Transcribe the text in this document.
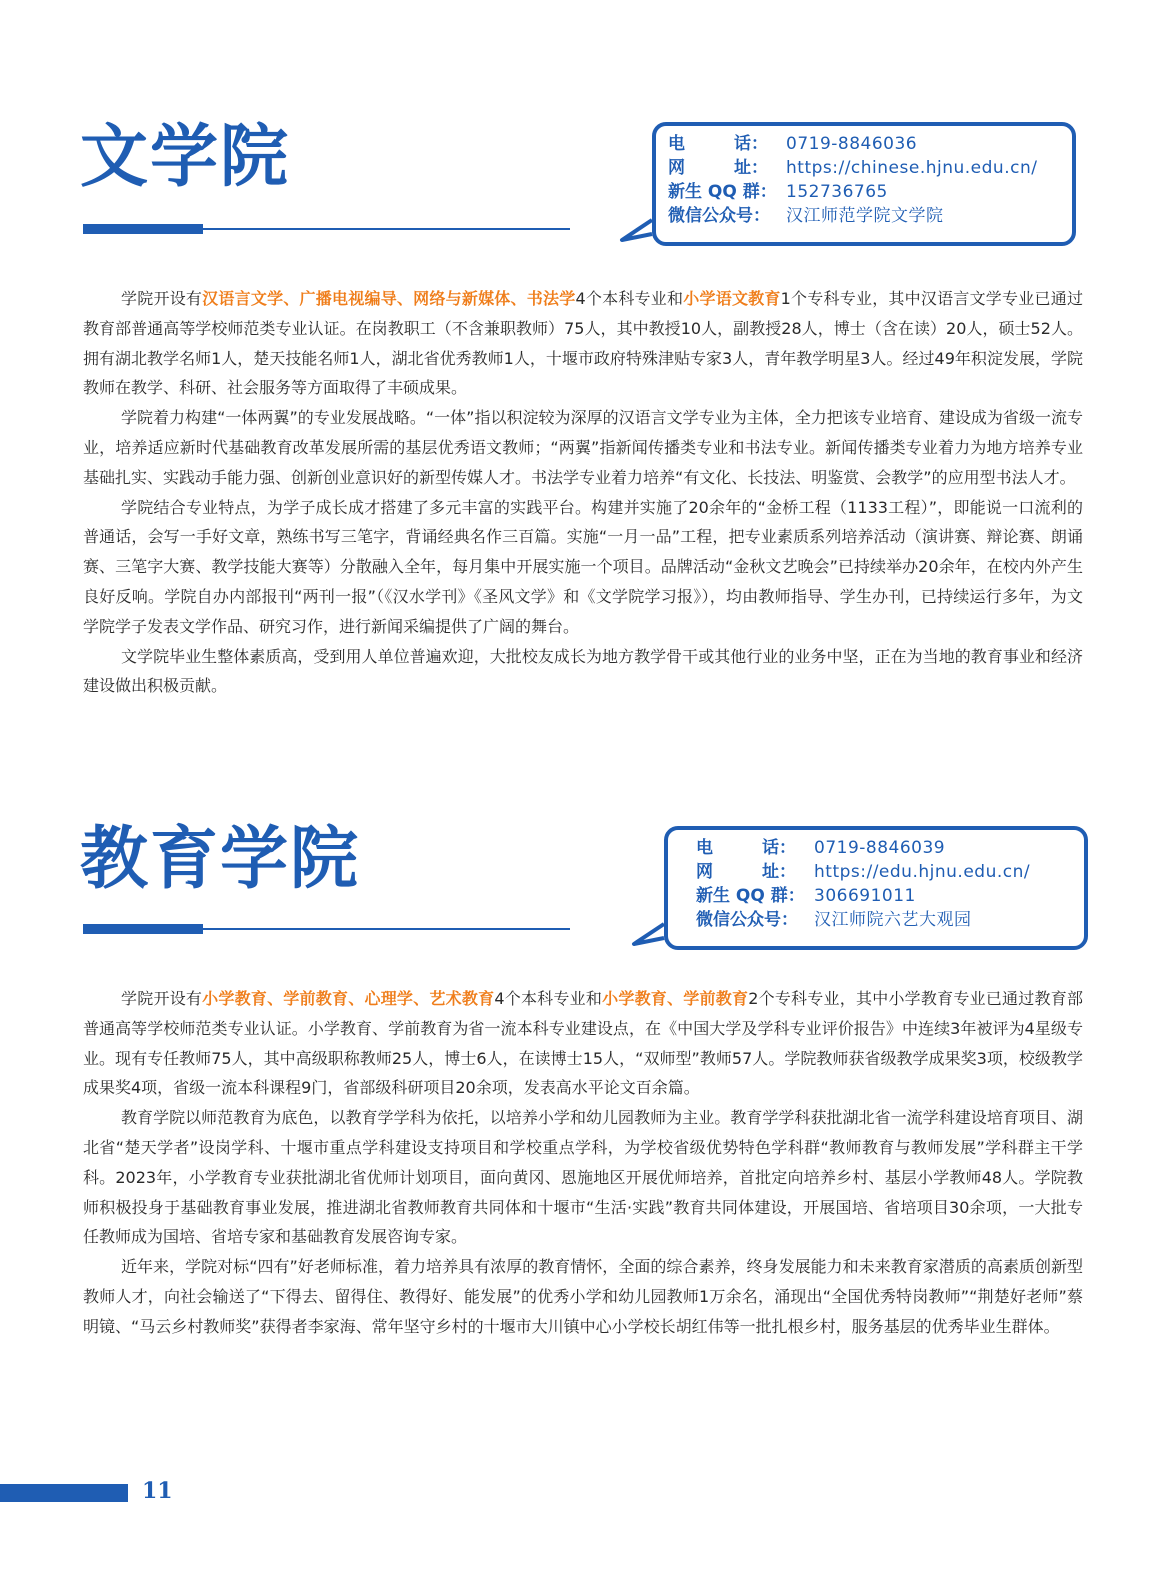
文学院	电	话： 0719-8846036
网	址： https://chinese.hjnu.edu.cn/
新生 QQ 群： 152736765
微信公众号： 汉江师范学院文学院

学院开设有汉语言文学、广播电视编导、网络与新媒体、书法学4个本科专业和小学语文教育1个专科专业，其中汉语言文学专业已通过教育部普通高等学校师范类专业认证。在岗教职工（不含兼职教师）75人，其中教授10人，副教授28人，博士（含在读）20人，硕士52人。拥有湖北教学名师1人，楚天技能名师1人，湖北省优秀教师1人，十堰市政府特殊津贴专家3人，青年教学明星3人。经过49年积淀发展，学院教师在教学、科研、社会服务等方面取得了丰硕成果。

学院着力构建“一体两翼”的专业发展战略。“一体”指以积淀较为深厚的汉语言文学专业为主体，全力把该专业培育、建设成为省级一流专业，培养适应新时代基础教育改革发展所需的基层优秀语文教师；“两翼”指新闻传播类专业和书法专业。新闻传播类专业着力为地方培养专业基础扎实、实践动手能力强、创新创业意识好的新型传媒人才。书法学专业着力培养“有文化、长技法、明鉴赏、会教学”的应用型书法人才。

学院结合专业特点，为学子成长成才搭建了多元丰富的实践平台。构建并实施了20余年的“金桥工程（1133工程）”，即能说一口流利的普通话，会写一手好文章，熟练书写三笔字，背诵经典名作三百篇。实施“一月一品”工程，把专业素质系列培养活动（演讲赛、辩论赛、朗诵赛、三笔字大赛、教学技能大赛等）分散融入全年，每月集中开展实施一个项目。品牌活动“金秋文艺晚会”已持续举办20余年，在校内外产生良好反响。学院自办内部报刊“两刊一报”（《汉水学刊》《圣风文学》和《文学院学习报》），均由教师指导、学生办刊，已持续运行多年，为文学院学子发表文学作品、研究习作，进行新闻采编提供了广阔的舞台。

文学院毕业生整体素质高，受到用人单位普遍欢迎，大批校友成长为地方教学骨干或其他行业的业务中坚，正在为当地的教育事业和经济建设做出积极贡献。

教育学院	电	话： 0719-8846039
网	址： https://edu.hjnu.edu.cn/
新生 QQ 群： 306691011
微信公众号： 汉江师院六艺大观园

学院开设有小学教育、学前教育、心理学、艺术教育4个本科专业和小学教育、学前教育2个专科专业，其中小学教育专业已通过教育部普通高等学校师范类专业认证。小学教育、学前教育为省一流本科专业建设点，在《中国大学及学科专业评价报告》中连续3年被评为4星级专业。现有专任教师75人，其中高级职称教师25人，博士6人，在读博士15人，“双师型”教师57人。学院教师获省级教学成果奖3项，校级教学成果奖4项，省级一流本科课程9门，省部级科研项目20余项，发表高水平论文百余篇。

教育学院以师范教育为底色，以教育学学科为依托，以培养小学和幼儿园教师为主业。教育学学科获批湖北省一流学科建设培育项目、湖北省“楚天学者”设岗学科、十堰市重点学科建设支持项目和学校重点学科，为学校省级优势特色学科群“教师教育与教师发展”学科群主干学科。2023年，小学教育专业获批湖北省优师计划项目，面向黄冈、恩施地区开展优师培养，首批定向培养乡村、基层小学教师48人。学院教师积极投身于基础教育事业发展，推进湖北省教师教育共同体和十堰市“生活·实践”教育共同体建设，开展国培、省培项目30余项，一大批专任教师成为国培、省培专家和基础教育发展咨询专家。

近年来，学院对标“四有”好老师标准，着力培养具有浓厚的教育情怀，全面的综合素养，终身发展能力和未来教育家潜质的高素质创新型教师人才，向社会输送了“下得去、留得住、教得好、能发展”的优秀小学和幼儿园教师1万余名，涌现出“全国优秀特岗教师”“荆楚好老师”蔡明镜、“马云乡村教师奖”获得者李家海、常年坚守乡村的十堰市大川镇中心小学校长胡红伟等一批扎根乡村，服务基层的优秀毕业生群体。

11
